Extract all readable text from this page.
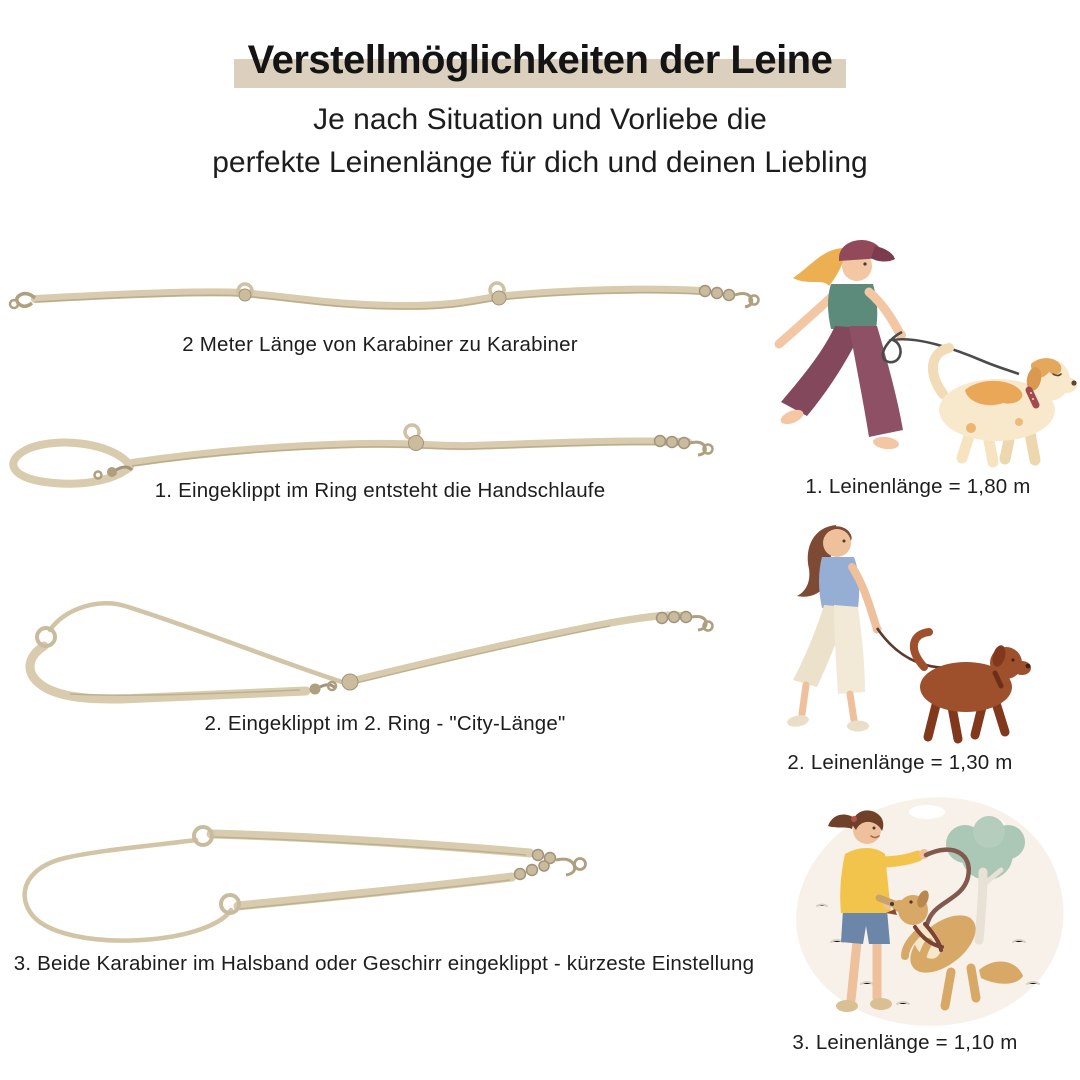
Verstellmöglichkeiten der Leine
Je nach Situation und Vorliebe die
perfekte Leinenlänge für dich und deinen Liebling
2 Meter Länge von Karabiner zu Karabiner
1. Eingeklippt im Ring entsteht die Handschlaufe
2. Eingeklippt im 2. Ring - "City-Länge"
3. Beide Karabiner im Halsband oder Geschirr eingeklippt - kürzeste Einstellung
1. Leinenlänge = 1,80 m
2. Leinenlänge = 1,30 m
3. Leinenlänge = 1,10 m
